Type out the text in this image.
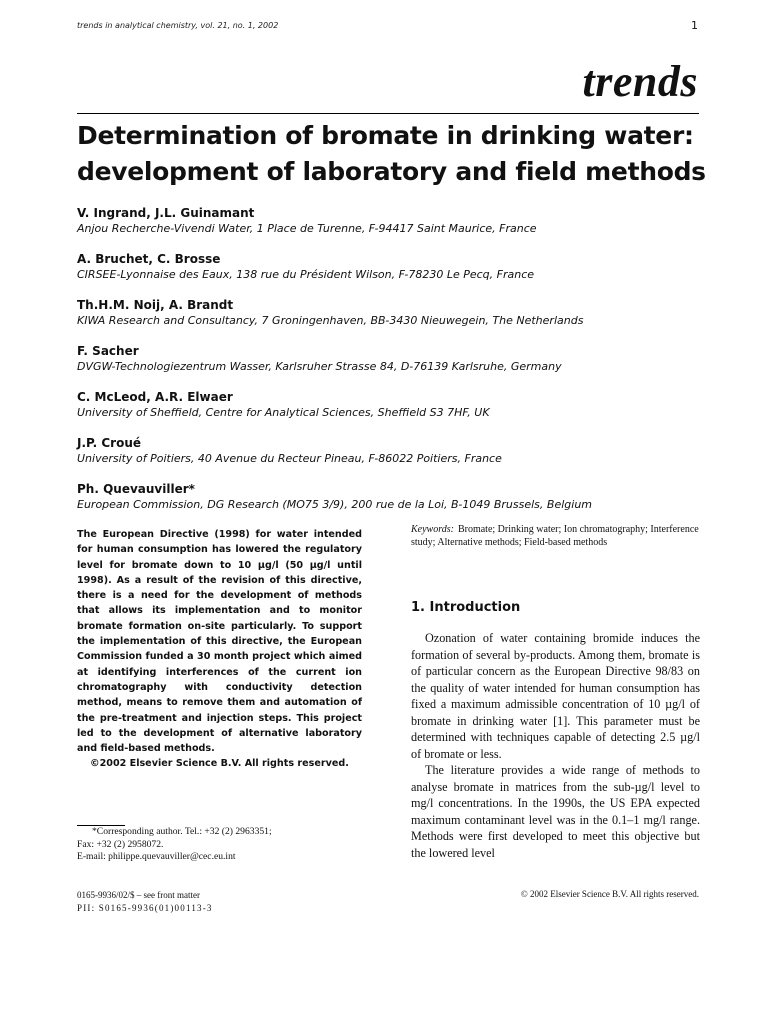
trends in analytical chemistry, vol. 21, no. 1, 2002	1
trends
Determination of bromate in drinking water:
development of laboratory and field methods
V. Ingrand, J.L. Guinamant
Anjou Recherche-Vivendi Water, 1 Place de Turenne, F-94417 Saint Maurice, France
A. Bruchet, C. Brosse
CIRSEE-Lyonnaise des Eaux, 138 rue du Président Wilson, F-78230 Le Pecq, France
Th.H.M. Noij, A. Brandt
KIWA Research and Consultancy, 7 Groningenhaven, BB-3430 Nieuwegein, The Netherlands
F. Sacher
DVGW-Technologiezentrum Wasser, Karlsruher Strasse 84, D-76139 Karlsruhe, Germany
C. McLeod, A.R. Elwaer
University of Sheffield, Centre for Analytical Sciences, Sheffield S3 7HF, UK
J.P. Croué
University of Poitiers, 40 Avenue du Recteur Pineau, F-86022 Poitiers, France
Ph. Quevauviller*
European Commission, DG Research (MO75 3/9), 200 rue de la Loi, B-1049 Brussels, Belgium
The European Directive (1998) for water intended for human consumption has lowered the regulatory level for bromate down to 10 µg/l (50 µg/l until 1998). As a result of the revision of this directive, there is a need for the development of methods that allows its implementation and to monitor bromate formation on-site particularly. To support the implementation of this directive, the European Commission funded a 30 month project which aimed at identifying interferences of the current ion chromatography with conductivity detection method, means to remove them and automation of the pre-treatment and injection steps. This project led to the development of alternative laboratory and field-based methods.
©2002 Elsevier Science B.V. All rights reserved.
*Corresponding author. Tel.: +32 (2) 2963351;
Fax: +32 (2) 2958072.
E-mail: philippe.quevauviller@cec.eu.int
0165-9936/02/$ – see front matter
PII: S0165-9936(01)00113-3
Keywords: Bromate; Drinking water; Ion chromatography; Interference study; Alternative methods; Field-based methods
1. Introduction

Ozonation of water containing bromide induces the formation of several by-products. Among them, bromate is of particular concern as the European Directive 98/83 on the quality of water intended for human consumption has fixed a maximum admissible concentration of 10 µg/l of bromate in drinking water [1]. This parameter must be determined with techniques capable of detecting 2.5 µg/l of bromate or less.

The literature provides a wide range of methods to analyse bromate in matrices from the sub-µg/l level to mg/l concentrations. In the 1990s, the US EPA expected maximum contaminant level was in the 0.1–1 mg/l range. Methods were first developed to meet this objective but the lowered level

© 2002 Elsevier Science B.V. All rights reserved.
